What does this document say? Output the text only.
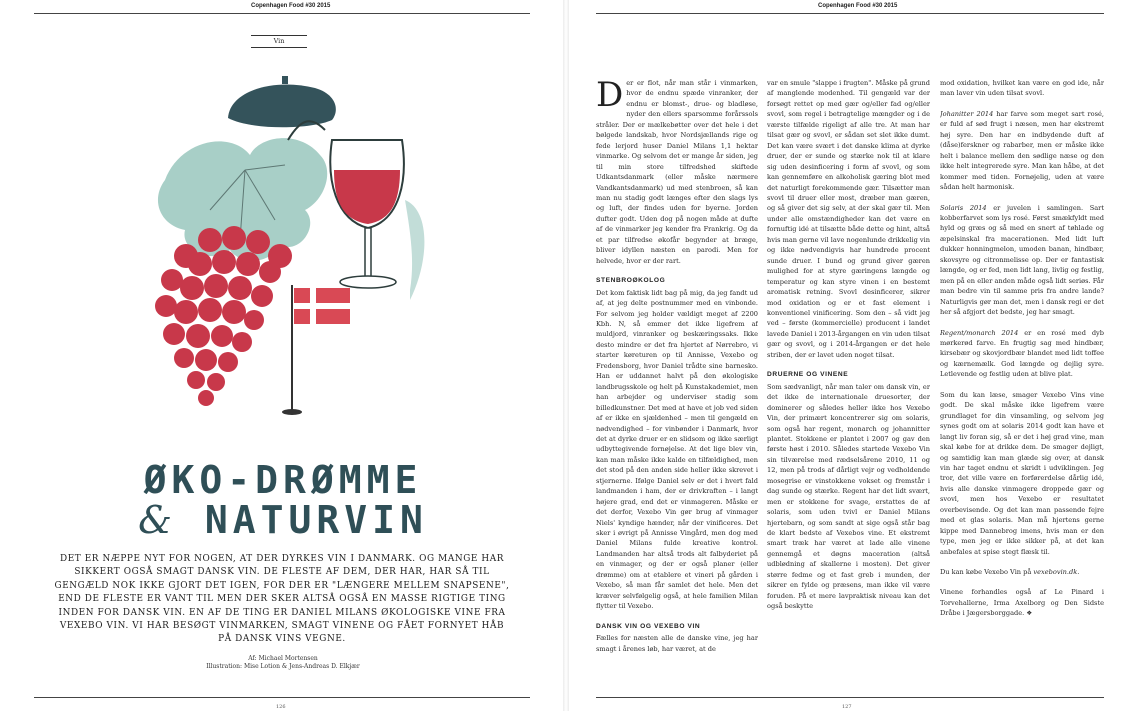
Copenhagen Food #30 2015	Copenhagen Food #30 2015
126	127
Vin
ØKO-DRØMME
& NATURVIN
DET ER NÆPPE NYT FOR NOGEN, AT DER DYRKES VIN I DANMARK. OG MANGE HAR SIKKERT OGSÅ SMAGT DANSK VIN. DE FLESTE AF DEM, DER HAR, HAR SÅ TIL GENGÆLD NOK IKKE GJORT DET IGEN, FOR DER ER "LÆNGERE MELLEM SNAPSENE", END DE FLESTE ER VANT TIL MEN DER SKER ALTSÅ OGSÅ EN MASSE RIGTIGE TING INDEN FOR DANSK VIN. EN AF DE TING ER DANIEL MILANS ØKOLOGISKE VINE FRA VEXEBO VIN. VI HAR BESØGT VINMARKEN, SMAGT VINENE OG FÅET FORNYET HÅB PÅ DANSK VINS VEGNE.
Af: Michael Mortensen
Illustration: Mise Lotion & Jens-Andreas D. Elkjær

Der er flot, når man står i vinmarken, hvor de endnu spæde vinranker, der endnu er blomst-, drue- og bladløse, nyder den ellers sparsomme forårssols stråler. Der er mælkebøtter over det hele i det bølgede landskab, hvor Nordsjællands rige og fede lerjord huser Daniel Milans 1,1 hektar vinmarke. Og selvom det er mange år siden, jeg til min store tilfredshed skiftede Udkantsdanmark (eller måske nærmere Vandkantsdanmark) ud med stenbroen, så kan man nu stadig godt længes efter den slags lys og luft, der findes uden for byerne. Jorden dufter godt. Uden dog på nogen måde at dufte af de vinmarker jeg kender fra Frankrig. Og da et par tilfredse økofår begynder at bræge, bliver idyllen næsten en parodi. Men for helvede, hvor er der rart.

STENBROØKOLOG

Det kom faktisk lidt bag på mig, da jeg fandt ud af, at jeg delte postnummer med en vinbonde. For selvom jeg holder vældigt meget af 2200 Kbh. N, så emmer det ikke ligefrem af muldjord, vinranker og beskæringssaks. Ikke desto mindre er det fra hjertet af Nørrebro, vi starter køreturen op til Annisse, Vexebo og Fredensborg, hvor Daniel trådte sine barnesko. Han er uddannet halvt på den økologiske landbrugsskole og helt på Kunstakademiet, men han arbejder og underviser stadig som billedkunstner. Det med at have et job ved siden af er ikke en sjældenhed – men til gengæld en nødvendighed – for vinbønder i Danmark, hvor det at dyrke druer er en slidsom og ikke særligt udbyttegivende fornøjelse. At det lige blev vin, kan man måske ikke kalde en tilfældighed, men det stod på den anden side heller ikke skrevet i stjernerne. Ifølge Daniel selv er det i hvert fald landmanden i ham, der er drivkraften – i langt højere grad, end det er vinmageren. Måske er det derfor, Vexebo Vin gør brug af vinmager Niels' kyndige hænder, når der vinificeres. Det sker i øvrigt på Annisse Vingård, men dog med Daniel Milans fulde kreative kontrol. Landmanden har altså trods alt falbyderiet på en vinmager, og der er også planer (eller drømme) om at etablere et vineri på gården i Vexebo, så man får samlet det hele. Men det kræver selvfølgelig også, at hele familien Milan flytter til Vexebo.

DANSK VIN OG VEXEBO VIN

Fælles for næsten alle de danske vine, jeg har smagt i årenes løb, har været, at de

var en smule "slappe i frugten". Måske på grund af manglende modenhed. Til gengæld var der forsøgt rettet op med gær og/eller fad og/eller svovl, som regel i betragtelige mængder og i de værste tilfælde rigeligt af alle tre. At man har tilsat gær og svovl, er sådan set slet ikke dumt. Det kan være svært i det danske klima at dyrke druer, der er sunde og stærke nok til at klare sig uden desinficering i form af svovl, og som kan gennemføre en alkoholisk gæring blot med det naturligt forekommende gær. Tilsætter man svovl til druer eller most, dræber man gæren, og så giver det sig selv, at der skal gær til. Men under alle omstændigheder kan det være en fornuftig idé at tilsætte både dette og hint, altså hvis man gerne vil lave nogenlunde drikkelig vin og ikke nødvendigvis har hundrede procent sunde druer. I bund og grund giver gæren mulighed for at styre gæringens længde og temperatur og kan styre vinen i en bestemt aromatisk retning. Svovl desinficerer, sikrer mod oxidation og er et fast element i konventionel vinificering. Som den – så vidt jeg ved – første (kommercielle) producent i landet lavede Daniel i 2013-årgangen en vin uden tilsat gær og svovl, og i 2014-årgangen er det hele striben, der er lavet uden noget tilsat.

DRUERNE OG VINENE

Som sædvanligt, når man taler om dansk vin, er det ikke de internationale druesorter, der dominerer og således heller ikke hos Vexebo Vin, der primært koncentrerer sig om solaris, som også har regent, monarch og johannitter plantet. Stokkene er plantet i 2007 og gav den første høst i 2010. Således startede Vexebo Vin sin tilværelse med rædselsårene 2010, 11 og 12, men på trods af dårligt vejr og vedholdende mosegrise er vinstokkene vokset og fremstår i dag sunde og stærke. Regent har det lidt svært, men er stokkene for svage, erstattes de af solaris, som uden tvivl er Daniel Milans hjertebarn, og som sandt at sige også står bag de klart bedste af Vexebos vine. Et ekstremt smart træk har været at lade alle vinene gennemgå et døgns maceration (altså udblødning af skallerne i mosten). Det giver større fedme og et fast greb i munden, der sikrer en fylde og præsens, man ikke vil være foruden. På et mere lavpraktisk niveau kan det også beskytte

mod oxidation, hvilket kan være en god ide, når man laver vin uden tilsat svovl.

Johanitter 2014 har farve som meget sart rosé, er fuld af sød frugt i næsen, men har ekstremt høj syre. Den har en indbydende duft af (dåse)ferskner og rabarber, men er måske ikke helt i balance mellem den sødlige næse og den ikke helt integrerede syre. Man kan håbe, at det kommer med tiden. Fornøjelig, uden at være sådan helt harmonisk.

Solaris 2014 er juvelen i samlingen. Sart kobberfarvet som lys rosé. Først smækfyldt med hyld og græs og så med en snert af tøhlade og æpelsinskal fra macerationen. Med lidt luft dukker honningmelon, umoden banan, hindbær, skovsyre og citronmelisse op. Der er fantastisk længde, og er fed, men lidt lang, livlig og festlig, men på en eller anden måde også lidt seriøs. Får man bedre vin til samme pris fra andre lande? Naturligvis gør man det, men i dansk regi er det her så afgjort det bedste, jeg har smagt.

Regent/monarch 2014 er en rosé med dyb mørkerød farve. En frugtig sag med hindbær, kirsebær og skovjordbær blandet med lidt toffee og kærnemælk. God længde og dejlig syre. Letlevende og festlig uden at blive plat.

Som du kan læse, smager Vexebo Vins vine godt. De skal måske ikke ligefrem være grundlaget for din vinsamling, og selvom jeg synes godt om at solaris 2014 godt kan have et langt liv foran sig, så er det i høj grad vine, man skal købe for at drikke dem. De smager dejligt, og samtidig kan man glæde sig over, at dansk vin har taget endnu et skridt i udviklingen. Jeg tror, det ville være en forførerdelse dårlig idé, hvis alle danske vinmagere droppede gær og svovl, men hos Vexebo er resultatet overbevisende. Og det kan man passende fejre med et glas solaris. Man må hjertens gerne kippe med Dannebrog imens, hvis man er den type, men jeg er ikke sikker på, at det kan anbefales at spise stegt flæsk til.

Du kan købe Vexebo Vin på vexebovin.dk.

Vinene forhandles også af Le Pinard i Torvehallerne, Irma Axelborg og Den Sidste Dråbe i Jægersborggade. ❖
